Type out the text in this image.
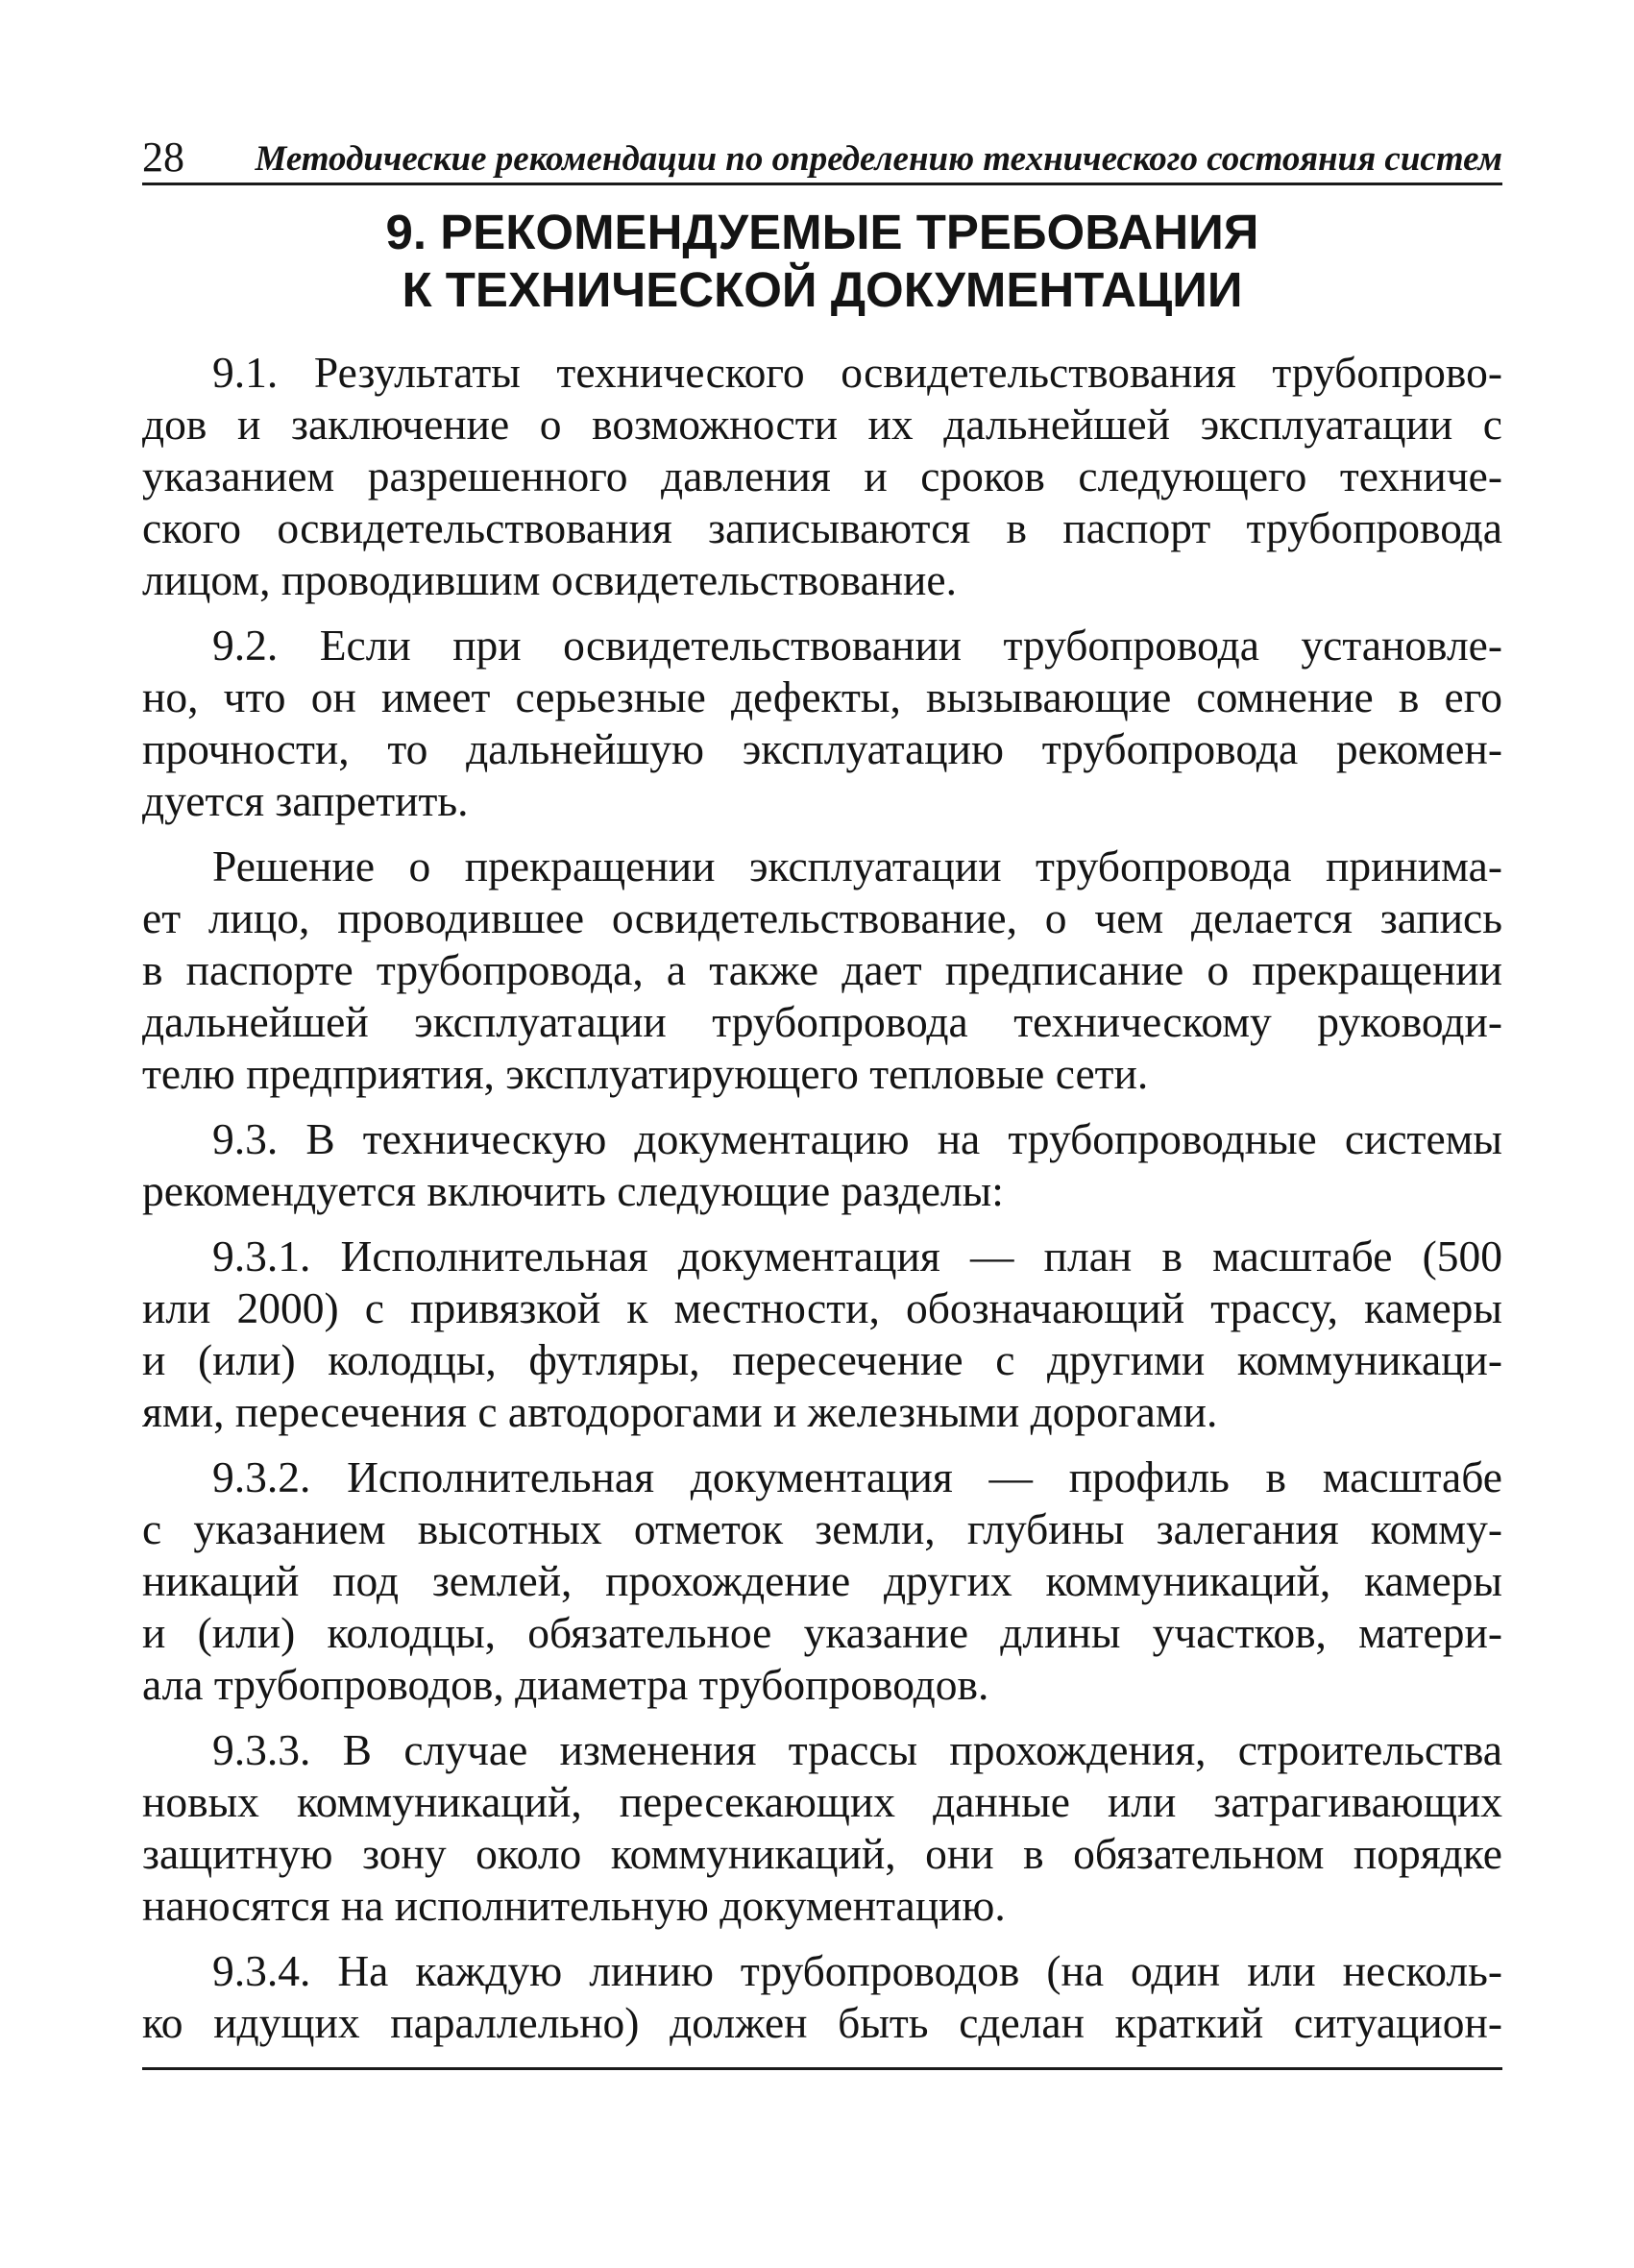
28 Методические рекомендации по определению технического состояния систем
9. РЕКОМЕНДУЕМЫЕ ТРЕБОВАНИЯ
К ТЕХНИЧЕСКОЙ ДОКУМЕНТАЦИИ
9.1. Результаты технического освидетельствования трубопрово-
дов и заключение о возможности их дальнейшей эксплуатации с
указанием разрешенного давления и сроков следующего техниче-
ского освидетельствования записываются в паспорт трубопровода
лицом, проводившим освидетельствование.
9.2. Если при освидетельствовании трубопровода установле-
но, что он имеет серьезные дефекты, вызывающие сомнение в его
прочности, то дальнейшую эксплуатацию трубопровода рекомен-
дуется запретить.
Решение о прекращении эксплуатации трубопровода принима-
ет лицо, проводившее освидетельствование, о чем делается запись
в паспорте трубопровода, а также дает предписание о прекращении
дальнейшей эксплуатации трубопровода техническому руководи-
телю предприятия, эксплуатирующего тепловые сети.
9.3. В техническую документацию на трубопроводные системы
рекомендуется включить следующие разделы:
9.3.1. Исполнительная документация — план в масштабе (500
или 2000) с привязкой к местности, обозначающий трассу, камеры
и (или) колодцы, футляры, пересечение с другими коммуникаци-
ями, пересечения с автодорогами и железными дорогами.
9.3.2. Исполнительная документация — профиль в масштабе
с указанием высотных отметок земли, глубины залегания комму-
никаций под землей, прохождение других коммуникаций, камеры
и (или) колодцы, обязательное указание длины участков, матери-
ала трубопроводов, диаметра трубопроводов.
9.3.3. В случае изменения трассы прохождения, строительства
новых коммуникаций, пересекающих данные или затрагивающих
защитную зону около коммуникаций, они в обязательном порядке
наносятся на исполнительную документацию.
9.3.4. На каждую линию трубопроводов (на один или несколь-
ко идущих параллельно) должен быть сделан краткий ситуацион-
